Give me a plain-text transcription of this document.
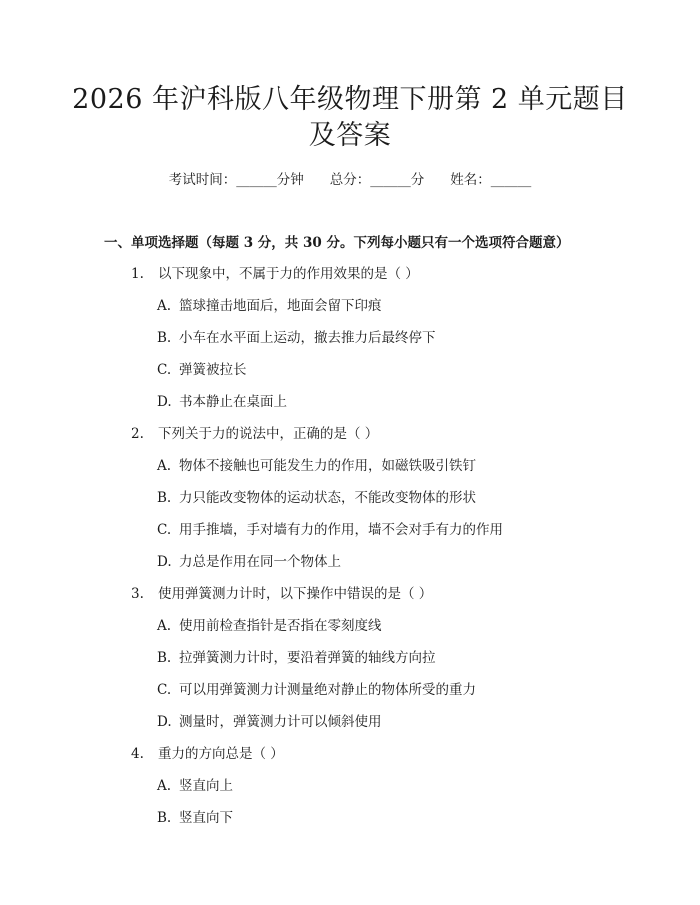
2026 年沪科版八年级物理下册第 2 单元题目
及答案
考试时间：______分钟 总分：______分 姓名：______
一、单项选择题（每题 3 分，共 30 分。下列每小题只有一个选项符合题意）
1. 以下现象中，不属于力的作用效果的是（ ）
A. 篮球撞击地面后，地面会留下印痕
B. 小车在水平面上运动，撤去推力后最终停下
C. 弹簧被拉长
D. 书本静止在桌面上
2. 下列关于力的说法中，正确的是（ ）
A. 物体不接触也可能发生力的作用，如磁铁吸引铁钉
B. 力只能改变物体的运动状态，不能改变物体的形状
C. 用手推墙，手对墙有力的作用，墙不会对手有力的作用
D. 力总是作用在同一个物体上
3. 使用弹簧测力计时，以下操作中错误的是（ ）
A. 使用前检查指针是否指在零刻度线
B. 拉弹簧测力计时，要沿着弹簧的轴线方向拉
C. 可以用弹簧测力计测量绝对静止的物体所受的重力
D. 测量时，弹簧测力计可以倾斜使用
4. 重力的方向总是（ ）
A. 竖直向上
B. 竖直向下
